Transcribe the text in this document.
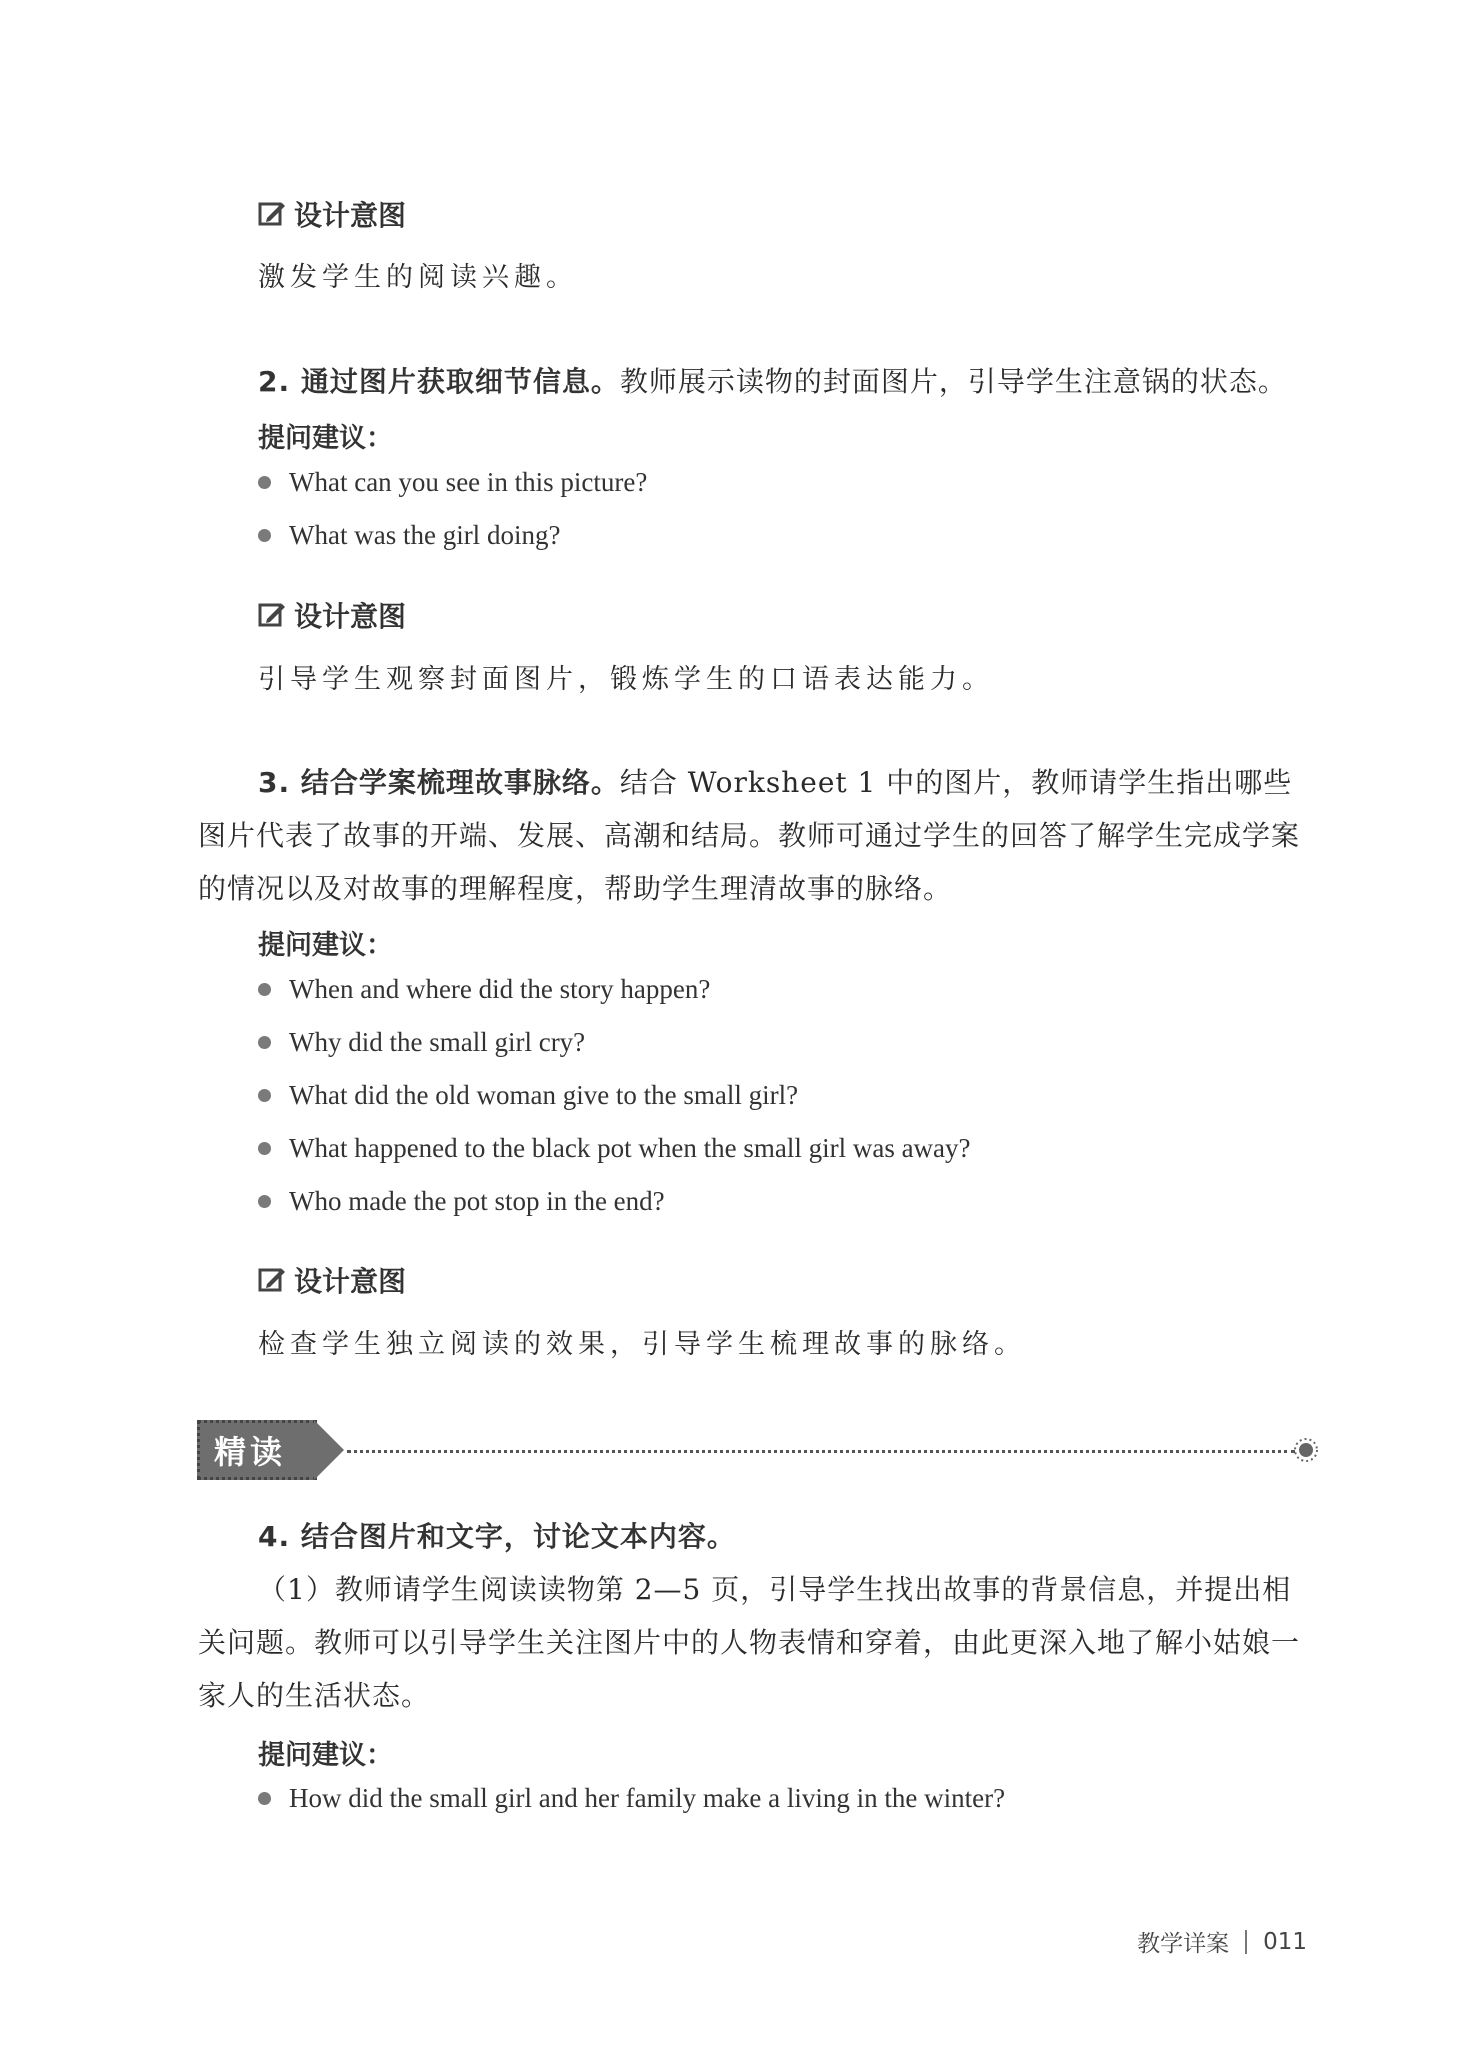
设计意图
激发学生的阅读兴趣。
2. 通过图片获取细节信息。教师展示读物的封面图片，引导学生注意锅的状态。
提问建议：
What can you see in this picture?
What was the girl doing?
设计意图
引导学生观察封面图片，锻炼学生的口语表达能力。
3. 结合学案梳理故事脉络。结合 Worksheet 1 中的图片，教师请学生指出哪些图片代表了故事的开端、发展、高潮和结局。教师可通过学生的回答了解学生完成学案的情况以及对故事的理解程度，帮助学生理清故事的脉络。
提问建议：
When and where did the story happen?
Why did the small girl cry?
What did the old woman give to the small girl?
What happened to the black pot when the small girl was away?
Who made the pot stop in the end?
设计意图
检查学生独立阅读的效果，引导学生梳理故事的脉络。
精读
4. 结合图片和文字，讨论文本内容。
（1）教师请学生阅读读物第 2—5 页，引导学生找出故事的背景信息，并提出相关问题。教师可以引导学生关注图片中的人物表情和穿着，由此更深入地了解小姑娘一家人的生活状态。
提问建议：
How did the small girl and her family make a living in the winter?
教学详案 011
